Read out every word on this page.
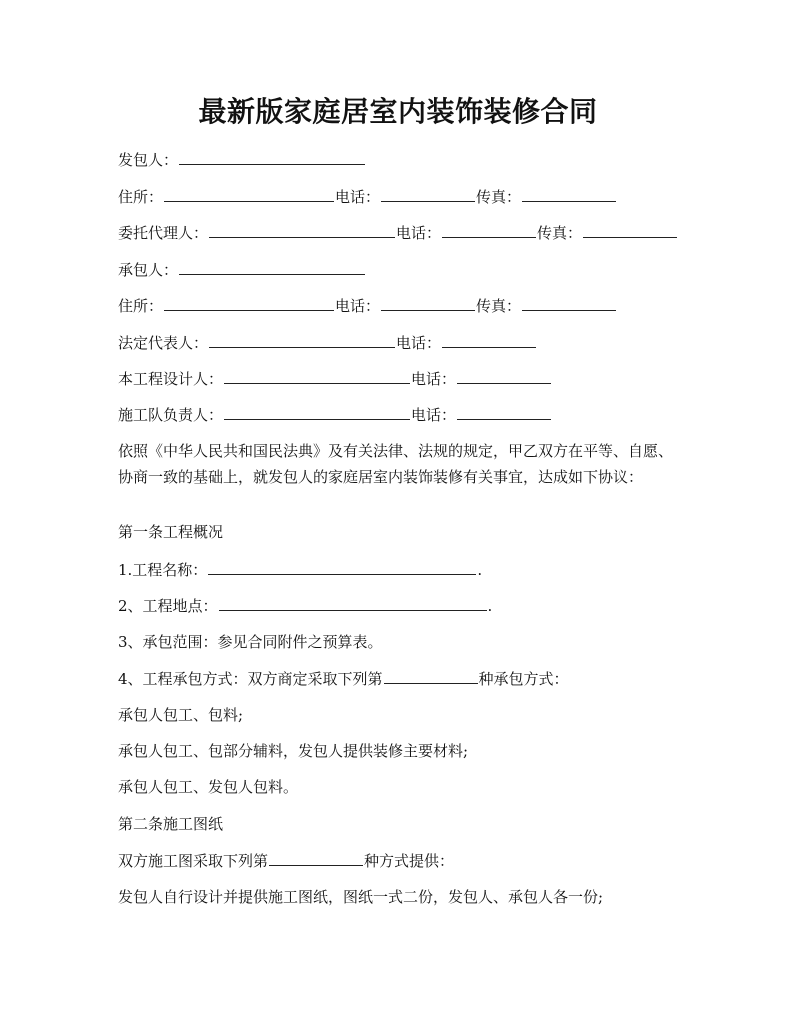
最新版家庭居室内装饰装修合同
发包人：
住所：	电话：	传真：
委托代理人：	电话：	传真：
承包人：
住所：	电话：	传真：
法定代表人：	电话：
本工程设计人：	电话：
施工队负责人：	电话：
依照《中华人民共和国民法典》及有关法律、法规的规定，甲乙双方在平等、自愿、协商一致的基础上，就发包人的家庭居室内装饰装修有关事宜，达成如下协议：
第一条工程概况
1.工程名称：	.
2、工程地点：	.
3、承包范围：参见合同附件之预算表。
4、工程承包方式：双方商定采取下列第	种承包方式：
承包人包工、包料;
承包人包工、包部分辅料，发包人提供装修主要材料;
承包人包工、发包人包料。
第二条施工图纸
双方施工图采取下列第	种方式提供：
发包人自行设计并提供施工图纸，图纸一式二份，发包人、承包人各一份;
